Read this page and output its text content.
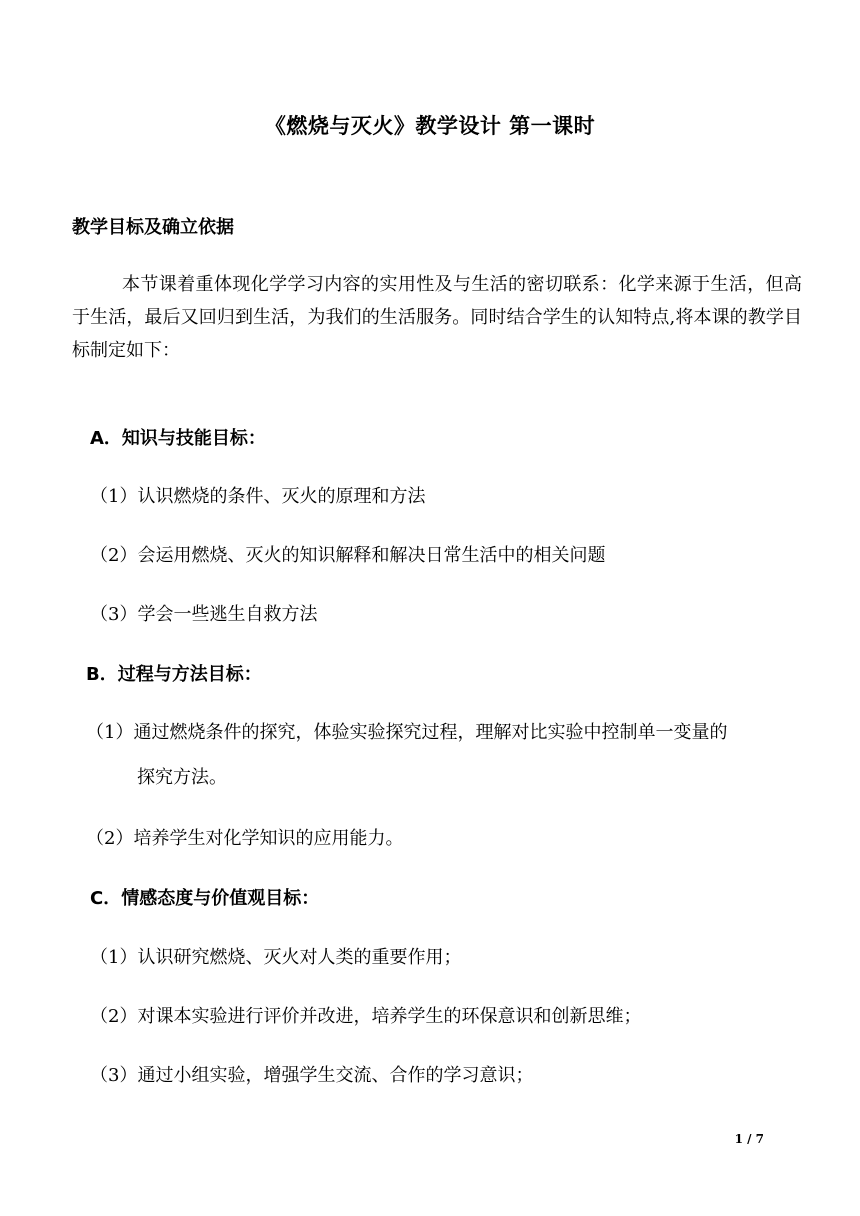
《燃烧与灭火》教学设计 第一课时
教学目标及确立依据
本节课着重体现化学学习内容的实用性及与生活的密切联系：化学来源于生活，但高于生活，最后又回归到生活，为我们的生活服务。同时结合学生的认知特点,将本课的教学目标制定如下：
A．知识与技能目标：
（1）认识燃烧的条件、灭火的原理和方法
（2）会运用燃烧、灭火的知识解释和解决日常生活中的相关问题
（3）学会一些逃生自救方法
B．过程与方法目标：
（1）通过燃烧条件的探究，体验实验探究过程，理解对比实验中控制单一变量的
探究方法。
（2）培养学生对化学知识的应用能力。
C．情感态度与价值观目标：
（1）认识研究燃烧、灭火对人类的重要作用；
（2）对课本实验进行评价并改进，培养学生的环保意识和创新思维；
（3）通过小组实验，增强学生交流、合作的学习意识；
1 / 7
